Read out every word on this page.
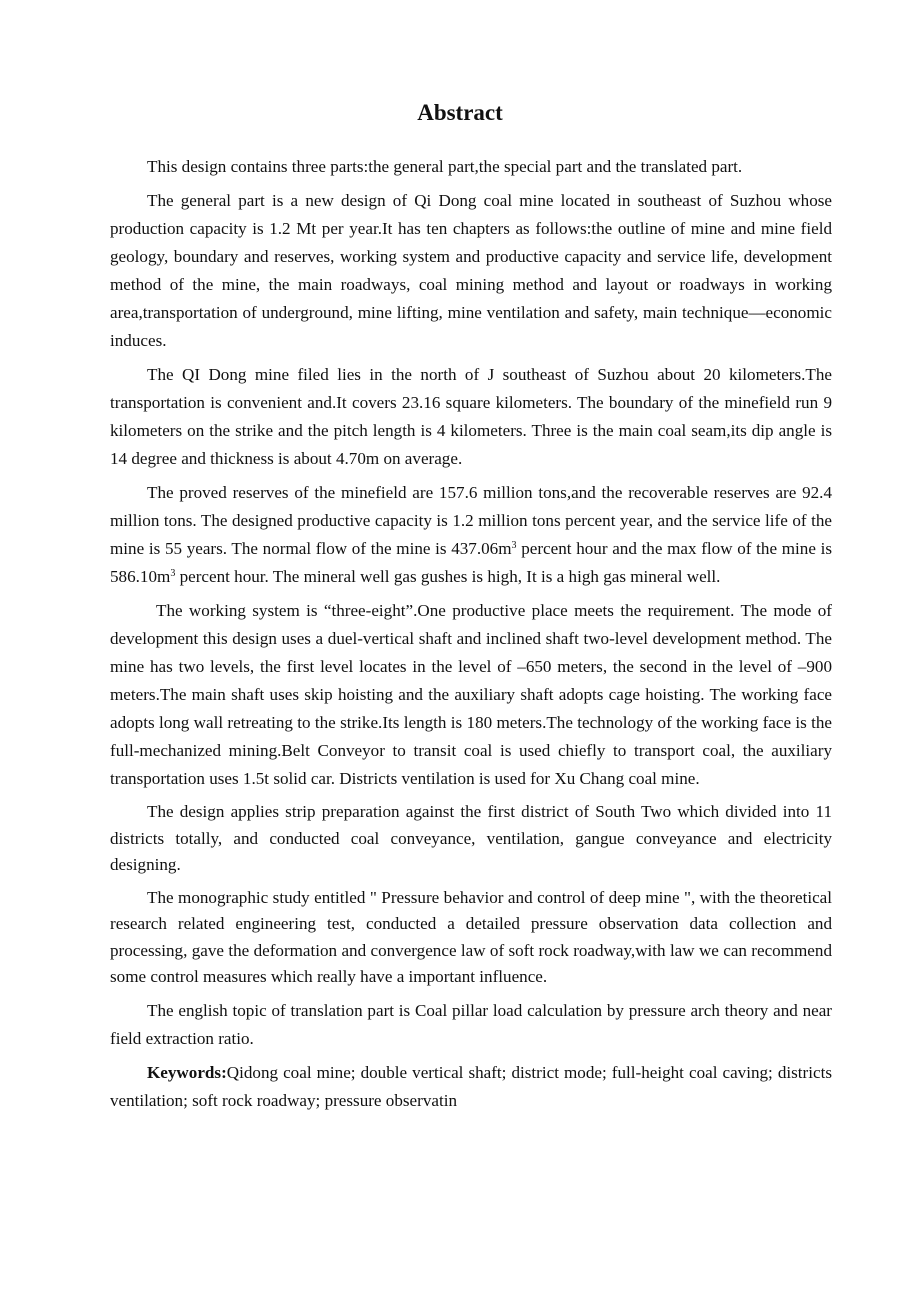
Abstract

This design contains three parts:the general part,the special part and the translated part.

The general part is a new design of Qi Dong coal mine located in southeast of Suzhou whose production capacity is 1.2 Mt per year.It has ten chapters as follows:the outline of mine and mine field geology, boundary and reserves, working system and productive capacity and service life, development method of the mine, the main roadways, coal mining method and layout or roadways in working area,transportation of underground, mine lifting, mine ventilation and safety, main technique—economic induces.

The QI Dong mine filed lies in the north of J southeast of Suzhou about 20 kilometers.The transportation is convenient and.It covers 23.16 square kilometers. The boundary of the minefield run 9 kilometers on the strike and the pitch length is 4 kilometers. Three is the main coal seam,its dip angle is 14 degree and thickness is about 4.70m on average.

The proved reserves of the minefield are 157.6 million tons,and the recoverable reserves are 92.4 million tons. The designed productive capacity is 1.2 million tons percent year, and the service life of the mine is 55 years. The normal flow of the mine is $437.06m^3$ percent hour and the max flow of the mine is $586.10m^3$ percent hour. The mineral well gas gushes is high, It is a high gas mineral well.

The working system is “three-eight”.One productive place meets the requirement. The mode of development this design uses a duel-vertical shaft and inclined shaft two-level development method. The mine has two levels, the first level locates in the level of –650 meters, the second in the level of –900 meters.The main shaft uses skip hoisting and the auxiliary shaft adopts cage hoisting. The working face adopts long wall retreating to the strike.Its length is 180 meters.The technology of the working face is the full-mechanized mining.Belt Conveyor to transit coal is used chiefly to transport coal, the auxiliary transportation uses 1.5t solid car. Districts ventilation is used for Xu Chang coal mine.

The design applies strip preparation against the first district of South Two which divided into 11 districts totally, and conducted coal conveyance, ventilation, gangue conveyance and electricity designing.

The monographic study entitled " Pressure behavior and control of deep mine ", with the theoretical research related engineering test, conducted a detailed pressure observation data collection and processing, gave the deformation and convergence law of soft rock roadway,with law we can recommend some control measures which really have a important influence.

The english topic of translation part is Coal pillar load calculation by pressure arch theory and near field extraction ratio.

Keywords:Qidong coal mine; double vertical shaft; district mode; full-height coal caving; districts ventilation; soft rock roadway; pressure observatin
